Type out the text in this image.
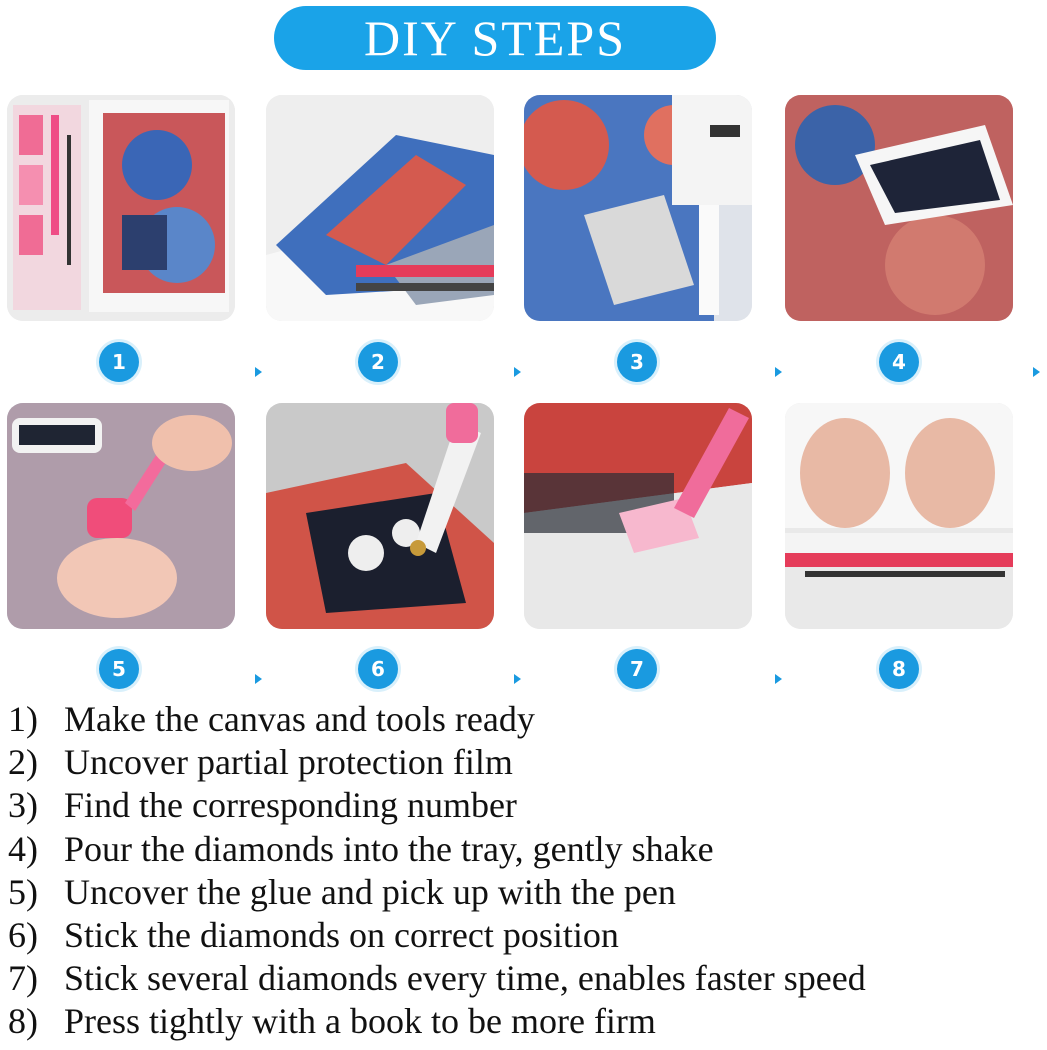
DIY STEPS
1	2	3	4
5	6	7	8
1) Make the canvas and tools ready
2) Uncover partial protection film
3) Find the corresponding number
4) Pour the diamonds into the tray, gently shake
5) Uncover the glue and pick up with the pen
6) Stick the diamonds on correct position
7) Stick several diamonds every time, enables faster speed
8) Press tightly with a book to be more firm
